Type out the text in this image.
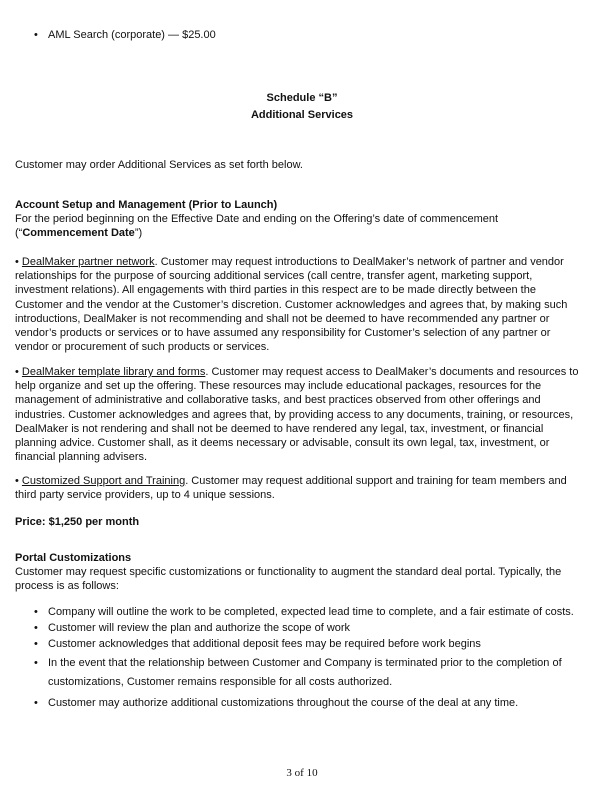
• AML Search (corporate) — $25.00
Schedule “B”
Additional Services
Customer may order Additional Services as set forth below.
Account Setup and Management (Prior to Launch)

For the period beginning on the Effective Date and ending on the Offering’s date of commencement (“Commencement Date”)

• DealMaker partner network. Customer may request introductions to DealMaker’s network of partner and vendor relationships for the purpose of sourcing additional services (call centre, transfer agent, marketing support, investment relations). All engagements with third parties in this respect are to be made directly between the Customer and the vendor at the Customer’s discretion. Customer acknowledges and agrees that, by making such introductions, DealMaker is not recommending and shall not be deemed to have recommended any partner or vendor’s products or services or to have assumed any responsibility for Customer’s selection of any partner or vendor or procurement of such products or services.

• DealMaker template library and forms. Customer may request access to DealMaker’s documents and resources to help organize and set up the offering. These resources may include educational packages, resources for the management of administrative and collaborative tasks, and best practices observed from other offerings and industries. Customer acknowledges and agrees that, by providing access to any documents, training, or resources, DealMaker is not rendering and shall not be deemed to have rendered any legal, tax, investment, or financial planning advice. Customer shall, as it deems necessary or advisable, consult its own legal, tax, investment, or financial planning advisers.

• Customized Support and Training. Customer may request additional support and training for team members and third party service providers, up to 4 unique sessions.

Price: $1,250 per month
Portal Customizations

Customer may request specific customizations or functionality to augment the standard deal portal. Typically, the process is as follows:

• Company will outline the work to be completed, expected lead time to complete, and a fair estimate of costs.
• Customer will review the plan and authorize the scope of work
• Customer acknowledges that additional deposit fees may be required before work begins
• In the event that the relationship between Customer and Company is terminated prior to the completion of customizations, Customer remains responsible for all costs authorized.
• Customer may authorize additional customizations throughout the course of the deal at any time.
3 of 10
